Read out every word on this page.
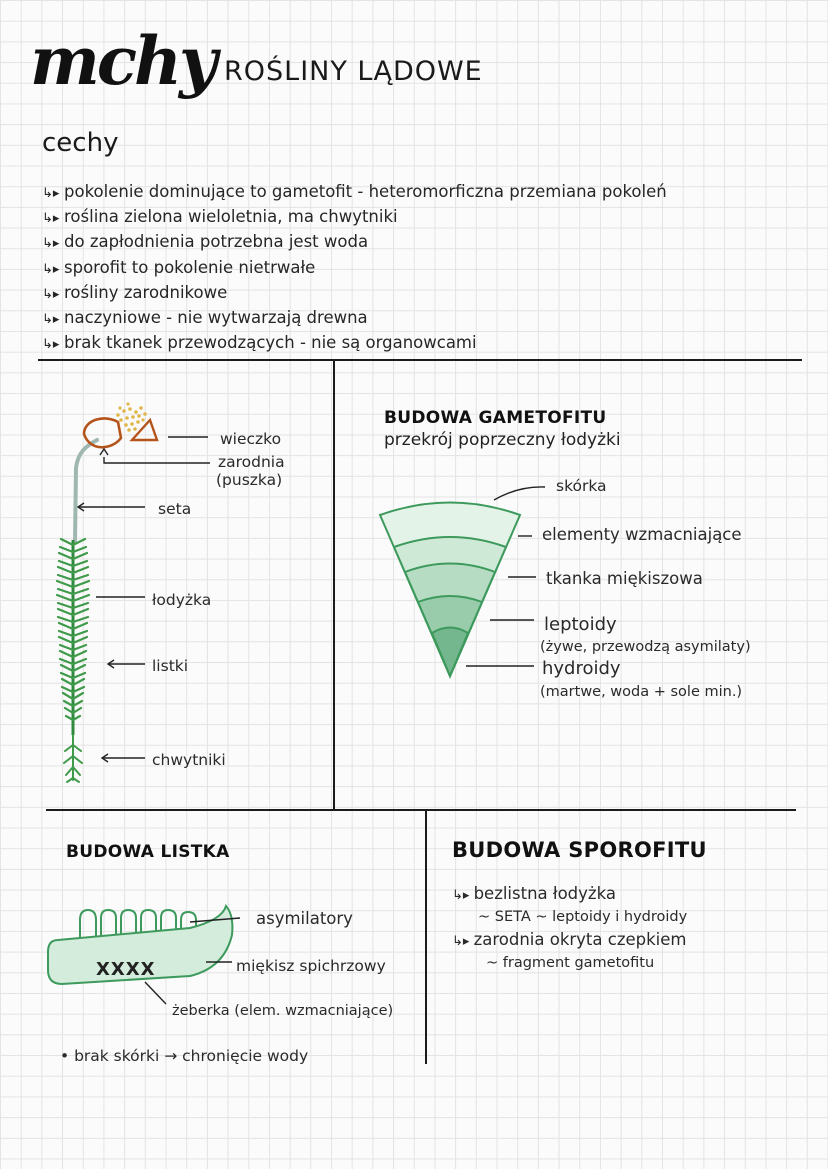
mchy ROŚLINY LĄDOWE
cechy
↳▸ pokolenie dominujące to gametofit - heteromorficzna przemiana pokoleń
↳▸ roślina zielona wieloletnia, ma chwytniki
↳▸ do zapłodnienia potrzebna jest woda
↳▸ sporofit to pokolenie nietrwałe
↳▸ rośliny zarodnikowe
↳▸ naczyniowe - nie wytwarzają drewna
↳▸ brak tkanek przewodzących - nie są organowcami
wieczko
zarodnia
(puszka)
seta
łodyżka
listki
chwytniki
BUDOWA GAMETOFITU
przekrój poprzeczny łodyżki
skórka
elementy wzmacniające
tkanka miękiszowa
leptoidy
(żywe, przewodzą asymilaty)
hydroidy
(martwe, woda + sole min.)
BUDOWA LISTKA
asymilatory
XXXX	miękisz spichrzowy
żeberka (elem. wzmacniające)
• brak skórki → chronięcie wody
BUDOWA SPOROFITU
↳▸ bezlistna łodyżka
~ SETA ~ leptoidy i hydroidy
↳▸ zarodnia okryta czepkiem
~ fragment gametofitu
